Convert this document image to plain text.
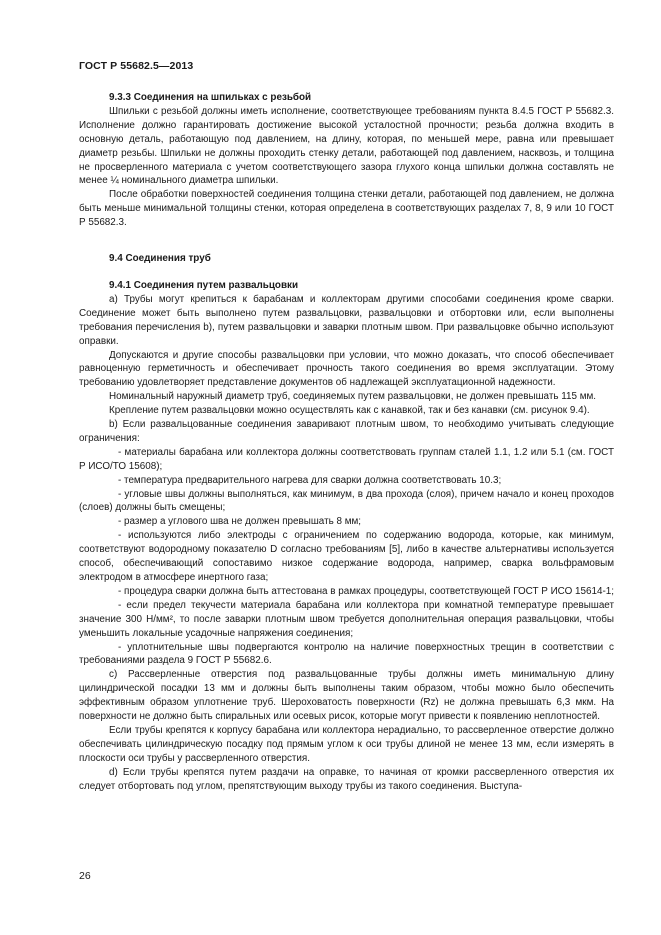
ГОСТ Р 55682.5—2013

9.3.3 Соединения на шпильках с резьбой

Шпильки с резьбой должны иметь исполнение, соответствующее требованиям пункта 8.4.5 ГОСТ Р 55682.3. Исполнение должно гарантировать достижение высокой усталостной прочности; резьба должна входить в основную деталь, работающую под давлением, на длину, которая, по меньшей мере, равна или превышает диаметр резьбы. Шпильки не должны проходить стенку детали, работающей под давлением, насквозь, и толщина не просверленного материала с учетом соответствующего зазора глухого конца шпильки должна составлять не менее ¼ номинального диаметра шпильки.

После обработки поверхностей соединения толщина стенки детали, работающей под давлением, не должна быть меньше минимальной толщины стенки, которая определена в соответствующих разделах 7, 8, 9 или 10 ГОСТ Р 55682.3.

9.4 Соединения труб

9.4.1 Соединения путем развальцовки

а) Трубы могут крепиться к барабанам и коллекторам другими способами соединения кроме сварки. Соединение может быть выполнено путем развальцовки, развальцовки и отбортовки или, если выполнены требования перечисления b), путем развальцовки и заварки плотным швом. При развальцовке обычно используют оправки.

Допускаются и другие способы развальцовки при условии, что можно доказать, что способ обеспечивает равноценную герметичность и обеспечивает прочность такого соединения во время эксплуатации. Этому требованию удовлетворяет представление документов об надлежащей эксплуатационной надежности.

Номинальный наружный диаметр труб, соединяемых путем развальцовки, не должен превышать 115 мм.

Крепление путем развальцовки можно осуществлять как с канавкой, так и без канавки (см. рисунок 9.4).

b) Если развальцованные соединения заваривают плотным швом, то необходимо учитывать следующие ограничения:

- материалы барабана или коллектора должны соответствовать группам сталей 1.1, 1.2 или 5.1 (см. ГОСТ Р ИСО/ТО 15608);

- температура предварительного нагрева для сварки должна соответствовать 10.3;

- угловые швы должны выполняться, как минимум, в два прохода (слоя), причем начало и конец проходов (слоев) должны быть смещены;

- размер a углового шва не должен превышать 8 мм;

- используются либо электроды с ограничением по содержанию водорода, которые, как минимум, соответствуют водородному показателю D согласно требованиям [5], либо в качестве альтернативы используется способ, обеспечивающий сопоставимо низкое содержание водорода, например, сварка вольфрамовым электродом в атмосфере инертного газа;

- процедура сварки должна быть аттестована в рамках процедуры, соответствующей ГОСТ Р ИСО 15614-1;

- если предел текучести материала барабана или коллектора при комнатной температуре превышает значение 300 Н/мм², то после заварки плотным швом требуется дополнительная операция развальцовки, чтобы уменьшить локальные усадочные напряжения соединения;

- уплотнительные швы подвергаются контролю на наличие поверхностных трещин в соответствии с требованиями раздела 9 ГОСТ Р 55682.6.

с) Рассверленные отверстия под развальцованные трубы должны иметь минимальную длину цилиндрической посадки 13 мм и должны быть выполнены таким образом, чтобы можно было обеспечить эффективным образом уплотнение труб. Шероховатость поверхности (Rz) не должна превышать 6,3 мкм. На поверхности не должно быть спиральных или осевых рисок, которые могут привести к появлению неплотностей.

Если трубы крепятся к корпусу барабана или коллектора нерадиально, то рассверленное отверстие должно обеспечивать цилиндрическую посадку под прямым углом к оси трубы длиной не менее 13 мм, если измерять в плоскости оси трубы у рассверленного отверстия.

d) Если трубы крепятся путем раздачи на оправке, то начиная от кромки рассверленного отверстия их следует отбортовать под углом, препятствующим выходу трубы из такого соединения. Выступа-

26
